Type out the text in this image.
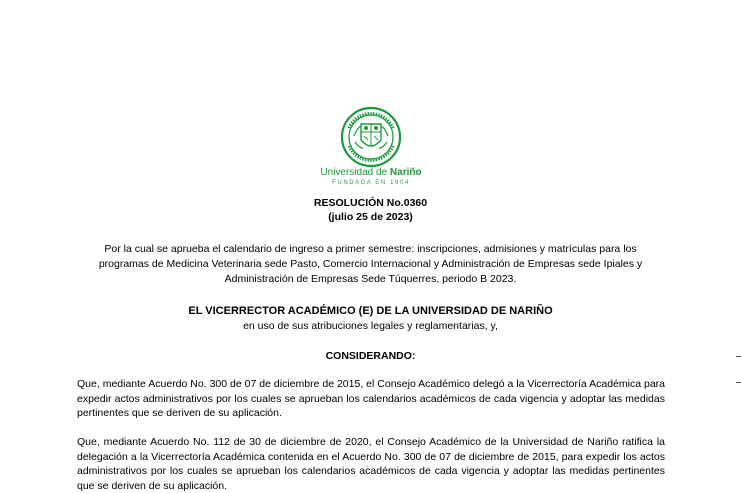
Universidad de Nariño
FUNDADA EN 1904
RESOLUCIÓN No.0360
(julio 25 de 2023)
Por la cual se aprueba el calendario de ingreso a primer semestre: inscripciones, admisiones y matrículas para los
programas de Medicina Veterinaria sede Pasto, Comercio Internacional y Administración de Empresas sede Ipiales y
Administración de Empresas Sede Túquerres, periodo B 2023.
EL VICERRECTOR ACADÉMICO (E) DE LA UNIVERSIDAD DE NARIÑO
en uso de sus atribuciones legales y reglamentarias, y,
CONSIDERANDO:
Que, mediante Acuerdo No. 300 de 07 de diciembre de 2015, el Consejo Académico delegó a la Vicerrectoría Académica para expedir actos administrativos por los cuales se aprueban los calendarios académicos de cada vigencia y adoptar las medidas pertinentes que se deriven de su aplicación.
Que, mediante Acuerdo No. 112 de 30 de diciembre de 2020, el Consejo Académico de la Universidad de Nariño ratifica la delegación a la Vicerrectoría Académica contenida en el Acuerdo No. 300 de 07 de diciembre de 2015, para expedir los actos administrativos por los cuales se aprueban los calendarios académicos de cada vigencia y adoptar las medidas pertinentes que se deriven de su aplicación.
